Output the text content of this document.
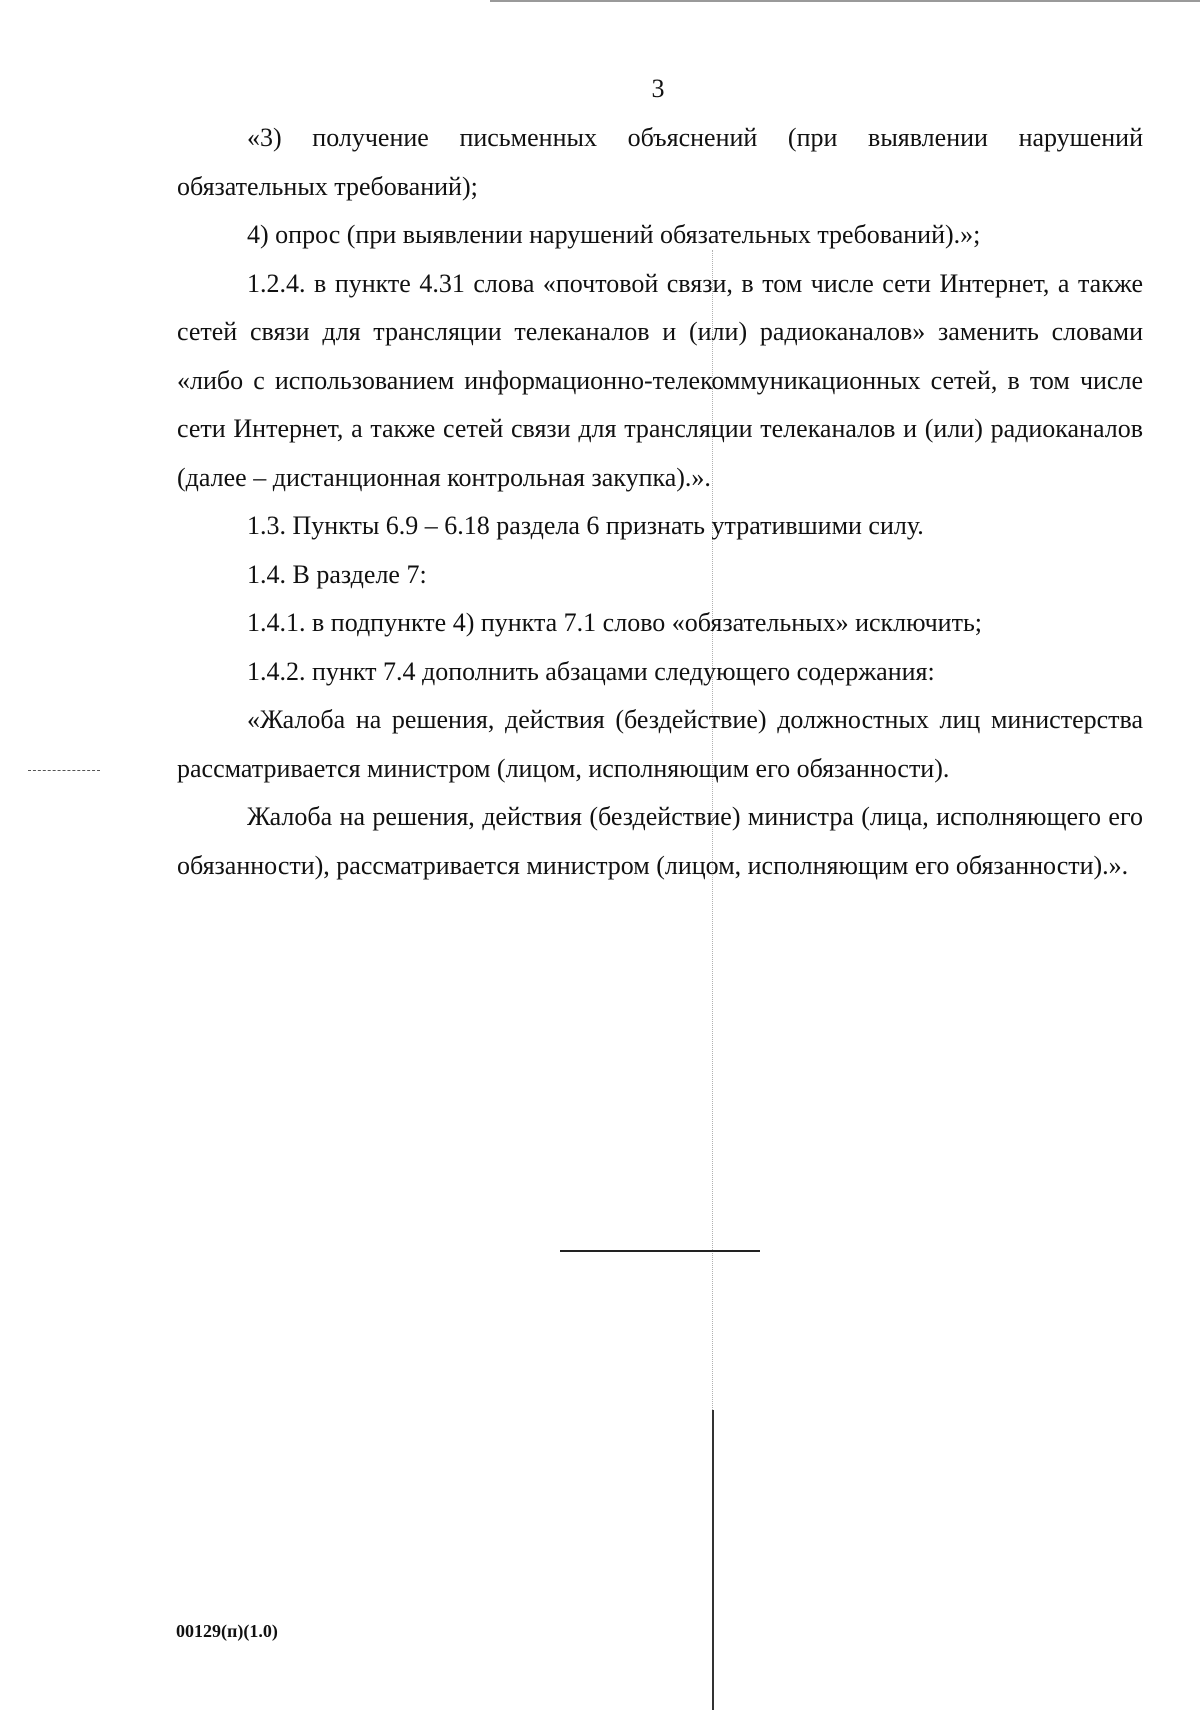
3

«3) получение письменных объяснений (при выявлении нарушений обязательных требований);

4) опрос (при выявлении нарушений обязательных требований).»;

1.2.4. в пункте 4.31 слова «почтовой связи, в том числе сети Интернет, а также сетей связи для трансляции телеканалов и (или) радиоканалов» заменить словами «либо с использованием информационно-телекоммуникационных сетей, в том числе сети Интернет, а также сетей связи для трансляции телеканалов и (или) радиоканалов (далее – дистанционная контрольная закупка).».

1.3. Пункты 6.9 – 6.18 раздела 6 признать утратившими силу.

1.4. В разделе 7:

1.4.1. в подпункте 4) пункта 7.1 слово «обязательных» исключить;

1.4.2. пункт 7.4 дополнить абзацами следующего содержания:

«Жалоба на решения, действия (бездействие) должностных лиц министерства рассматривается министром (лицом, исполняющим его обязанности).

Жалоба на решения, действия (бездействие) министра (лица, исполняющего его обязанности), рассматривается министром (лицом, исполняющим его обязанности).».

00129(п)(1.0)
